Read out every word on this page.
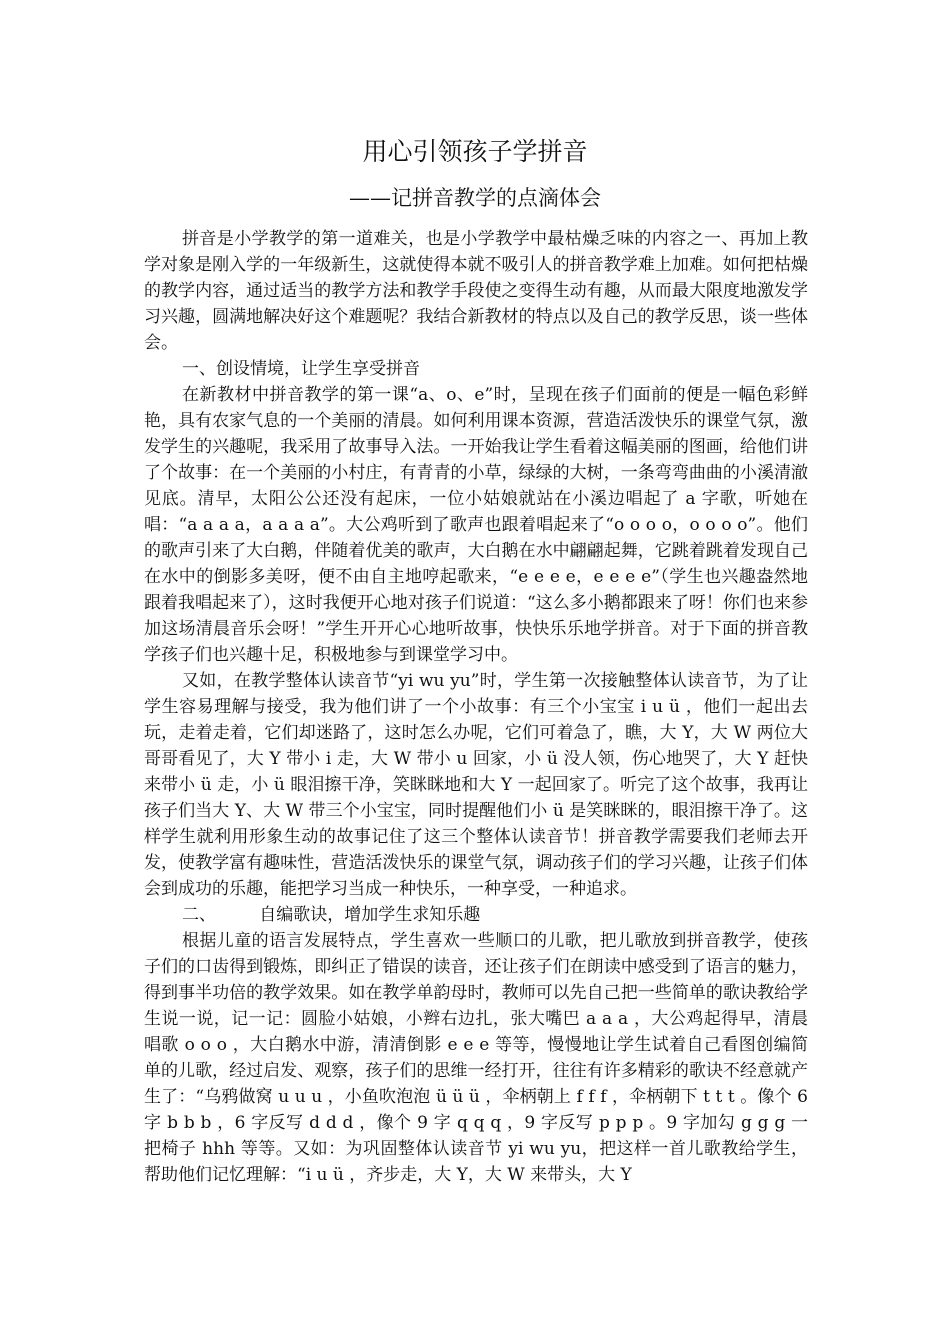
用心引领孩子学拼音
——记拼音教学的点滴体会

拼音是小学教学的第一道难关，也是小学教学中最枯燥乏味的内容之一、再加上教学对象是刚入学的一年级新生，这就使得本就不吸引人的拼音教学难上加难。如何把枯燥的教学内容，通过适当的教学方法和教学手段使之变得生动有趣，从而最大限度地激发学习兴趣，圆满地解决好这个难题呢？我结合新教材的特点以及自己的教学反思，谈一些体会。

一、创设情境，让学生享受拼音

在新教材中拼音教学的第一课“a、o、e”时，呈现在孩子们面前的便是一幅色彩鲜艳，具有农家气息的一个美丽的清晨。如何利用课本资源，营造活泼快乐的课堂气氛，激发学生的兴趣呢，我采用了故事导入法。一开始我让学生看着这幅美丽的图画，给他们讲了个故事：在一个美丽的小村庄，有青青的小草，绿绿的大树，一条弯弯曲曲的小溪清澈见底。清早，太阳公公还没有起床，一位小姑娘就站在小溪边唱起了 a 字歌，听她在唱：“a a a a，a a a a”。大公鸡听到了歌声也跟着唱起来了“o o o o，o o o o”。他们的歌声引来了大白鹅，伴随着优美的歌声，大白鹅在水中翩翩起舞，它跳着跳着发现自己在水中的倒影多美呀，便不由自主地哼起歌来，“e e e e，e e e e”（学生也兴趣盎然地跟着我唱起来了），这时我便开心地对孩子们说道：“这么多小鹅都跟来了呀！你们也来参加这场清晨音乐会呀！”学生开开心心地听故事，快快乐乐地学拼音。对于下面的拼音教学孩子们也兴趣十足，积极地参与到课堂学习中。

又如，在教学整体认读音节“yi wu yu”时，学生第一次接触整体认读音节，为了让学生容易理解与接受，我为他们讲了一个小故事：有三个小宝宝 i u ü ，他们一起出去玩，走着走着，它们却迷路了，这时怎么办呢，它们可着急了，瞧，大 Y，大 W 两位大哥哥看见了，大 Y 带小 i 走，大 W 带小 u 回家，小 ü 没人领，伤心地哭了，大 Y 赶快来带小 ü 走，小 ü 眼泪擦干净，笑眯眯地和大 Y 一起回家了。听完了这个故事，我再让孩子们当大 Y、大 W 带三个小宝宝，同时提醒他们小 ü 是笑眯眯的，眼泪擦干净了。这样学生就利用形象生动的故事记住了这三个整体认读音节！拼音教学需要我们老师去开发，使教学富有趣味性，营造活泼快乐的课堂气氛，调动孩子们的学习兴趣，让孩子们体会到成功的乐趣，能把学习当成一种快乐，一种享受，一种追求。

二、        自编歌诀，增加学生求知乐趣

根据儿童的语言发展特点，学生喜欢一些顺口的儿歌，把儿歌放到拼音教学，使孩子们的口齿得到锻炼，即纠正了错误的读音，还让孩子们在朗读中感受到了语言的魅力，得到事半功倍的教学效果。如在教学单韵母时，教师可以先自己把一些简单的歌诀教给学生说一说，记一记：圆脸小姑娘，小辫右边扎，张大嘴巴 a a a ，大公鸡起得早，清晨唱歌 o o o ，大白鹅水中游，清清倒影 e e e 等等，慢慢地让学生试着自己看图创编简单的儿歌，经过启发、观察，孩子们的思维一经打开，往往有许多精彩的歌诀不经意就产生了：“乌鸦做窝 u u u ，小鱼吹泡泡 ü ü ü ，伞柄朝上 f f f ，伞柄朝下 t t t 。像个 6 字 b b b ，6 字反写 d d d ，像个 9 字 q q q ，9 字反写 p p p 。9 字加勾 g g g 一把椅子 hhh 等等。又如：为巩固整体认读音节 yi wu yu，把这样一首儿歌教给学生，帮助他们记忆理解：“i u ü ，齐步走，大 Y，大 W 来带头，大 Y
